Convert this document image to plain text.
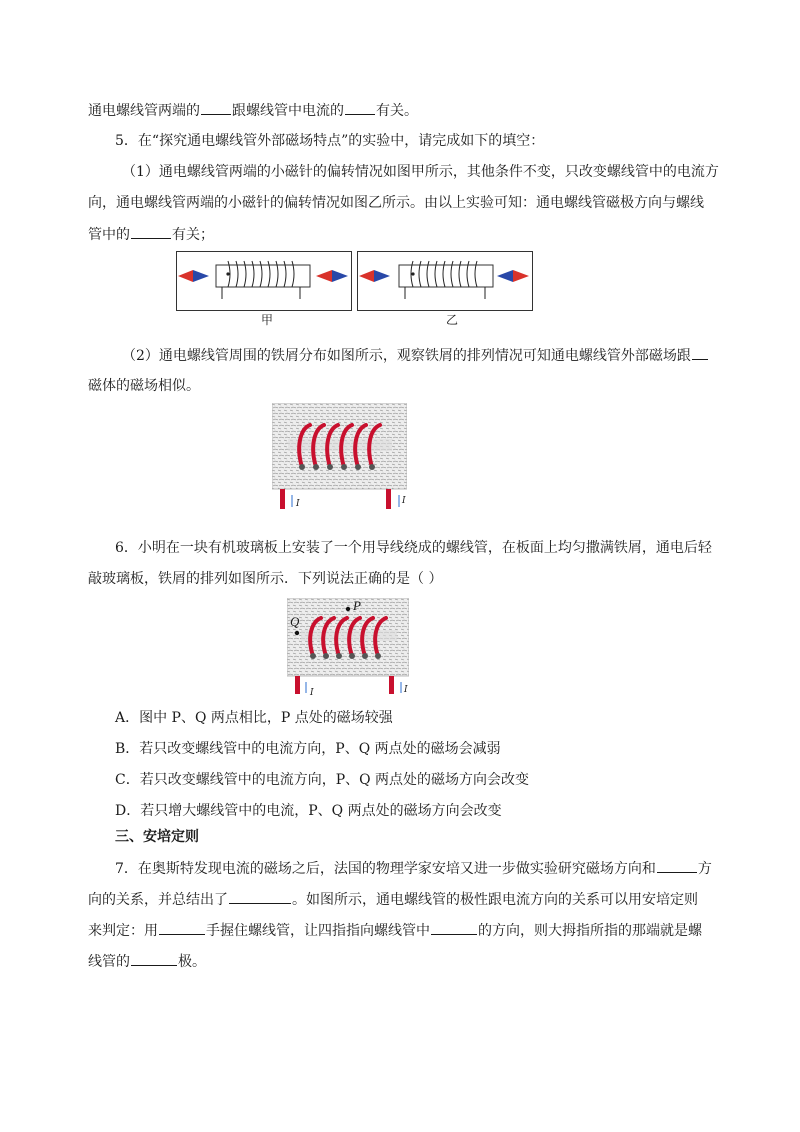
通电螺线管两端的 跟螺线管中电流的 有关。
5．在“探究通电螺线管外部磁场特点”的实验中，请完成如下的填空：
（1）通电螺线管两端的小磁针的偏转情况如图甲所示，其他条件不变，只改变螺线管中的电流方
向，通电螺线管两端的小磁针的偏转情况如图乙所示。由以上实验可知：通电螺线管磁极方向与螺线
管中的	有关；
甲	乙
（2）通电螺线管周围的铁屑分布如图所示，观察铁屑的排列情况可知通电螺线管外部磁场跟
磁体的磁场相似。
I	I
6．小明在一块有机玻璃板上安装了一个用导线绕成的螺线管，在板面上均匀撒满铁屑，通电后轻
敲玻璃板，铁屑的排列如图所示．下列说法正确的是（ ）
P
Q
I	I
A．图中 P、Q 两点相比，P 点处的磁场较强
B．若只改变螺线管中的电流方向，P、Q 两点处的磁场会减弱
C．若只改变螺线管中的电流方向，P、Q 两点处的磁场方向会改变
D．若只增大螺线管中的电流，P、Q 两点处的磁场方向会改变
三、安培定则
7．在奥斯特发现电流的磁场之后，法国的物理学家安培又进一步做实验研究磁场方向和	方
向的关系，并总结出了	。如图所示，通电螺线管的极性跟电流方向的关系可以用安培定则
来判定：用	手握住螺线管，让四指指向螺线管中	的方向，则大拇指所指的那端就是螺
线管的	极。
